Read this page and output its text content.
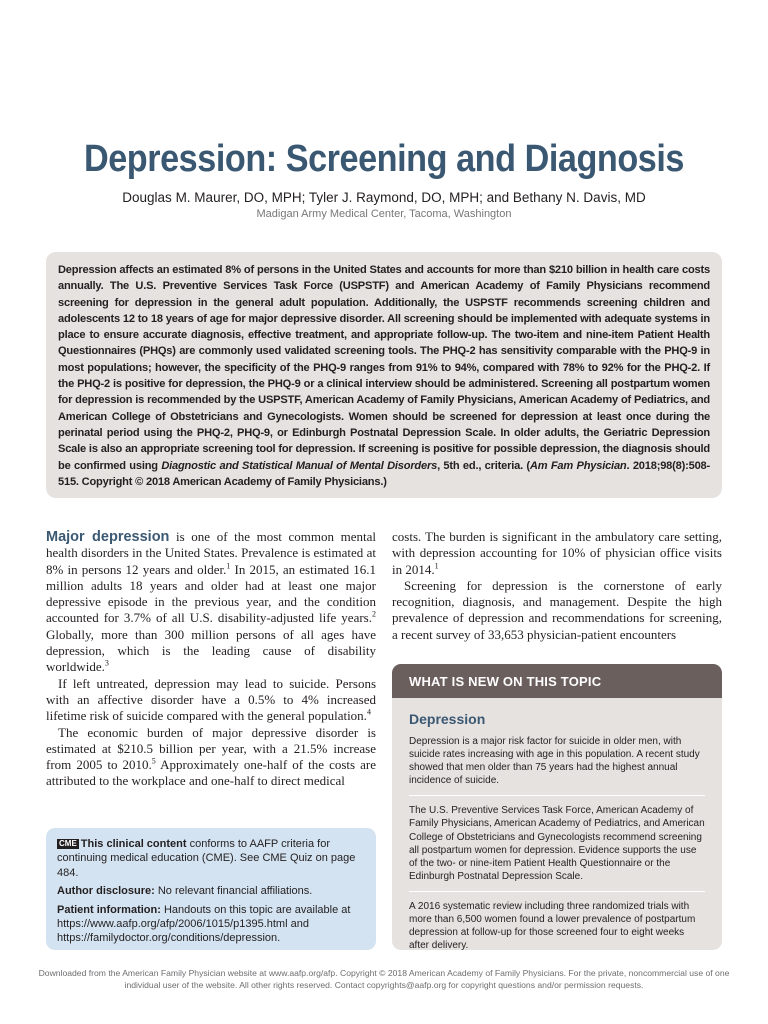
Depression: Screening and Diagnosis
Douglas M. Maurer, DO, MPH; Tyler J. Raymond, DO, MPH; and Bethany N. Davis, MD
Madigan Army Medical Center, Tacoma, Washington
Depression affects an estimated 8% of persons in the United States and accounts for more than $210 billion in health care costs annually. The U.S. Preventive Services Task Force (USPSTF) and American Academy of Family Physicians recommend screening for depression in the general adult population. Additionally, the USPSTF recommends screening children and adolescents 12 to 18 years of age for major depressive disorder. All screening should be implemented with adequate systems in place to ensure accurate diagnosis, effective treatment, and appropriate follow-up. The two-item and nine-item Patient Health Questionnaires (PHQs) are commonly used validated screening tools. The PHQ-2 has sensitivity comparable with the PHQ-9 in most populations; however, the specificity of the PHQ-9 ranges from 91% to 94%, compared with 78% to 92% for the PHQ-2. If the PHQ-2 is positive for depression, the PHQ-9 or a clinical interview should be administered. Screening all postpartum women for depression is recommended by the USPSTF, American Academy of Family Physicians, American Academy of Pediatrics, and American College of Obstetricians and Gynecologists. Women should be screened for depression at least once during the perinatal period using the PHQ-2, PHQ-9, or Edinburgh Postnatal Depression Scale. In older adults, the Geriatric Depression Scale is also an appropriate screening tool for depression. If screening is positive for possible depression, the diagnosis should be confirmed using Diagnostic and Statistical Manual of Mental Disorders, 5th ed., criteria. (Am Fam Physician. 2018;98(8):508-515. Copyright © 2018 American Academy of Family Physicians.)

Major depression is one of the most common mental health disorders in the United States. Prevalence is estimated at 8% in persons 12 years and older.$^1$ In 2015, an estimated 16.1 million adults 18 years and older had at least one major depressive episode in the previous year, and the condition accounted for 3.7% of all U.S. disability-adjusted life years.$^2$ Globally, more than 300 million persons of all ages have depression, which is the leading cause of disability worldwide.$^3$

If left untreated, depression may lead to suicide. Persons with an affective disorder have a 0.5% to 4% increased lifetime risk of suicide compared with the general population.$^4$

The economic burden of major depressive disorder is estimated at $210.5 billion per year, with a 21.5% increase from 2005 to 2010.$^5$ Approximately one-half of the costs are attributed to the workplace and one-half to direct medical

costs. The burden is significant in the ambulatory care setting, with depression accounting for 10% of physician office visits in 2014.$^1$

Screening for depression is the cornerstone of early recognition, diagnosis, and management. Despite the high prevalence of depression and recommendations for screening, a recent survey of 33,653 physician-patient encounters

CME This clinical content conforms to AAFP criteria for continuing medical education (CME). See CME Quiz on page 484.

Author disclosure: No relevant financial affiliations.

Patient information: Handouts on this topic are available at https://www.aafp.org/afp/2006/1015/p1395.html and https://familydoctor.org/conditions/depression.

WHAT IS NEW ON THIS TOPIC
Depression
Depression is a major risk factor for suicide in older men, with suicide rates increasing with age in this population. A recent study showed that men older than 75 years had the highest annual incidence of suicide.
The U.S. Preventive Services Task Force, American Academy of Family Physicians, American Academy of Pediatrics, and American College of Obstetricians and Gynecologists recommend screening all postpartum women for depression. Evidence supports the use of the two- or nine-item Patient Health Questionnaire or the Edinburgh Postnatal Depression Scale.
A 2016 systematic review including three randomized trials with more than 6,500 women found a lower prevalence of postpartum depression at follow-up for those screened four to eight weeks after delivery.
Downloaded from the American Family Physician website at www.aafp.org/afp. Copyright © 2018 American Academy of Family Physicians. For the private, noncommercial use of one individual user of the website. All other rights reserved. Contact copyrights@aafp.org for copyright questions and/or permission requests.
